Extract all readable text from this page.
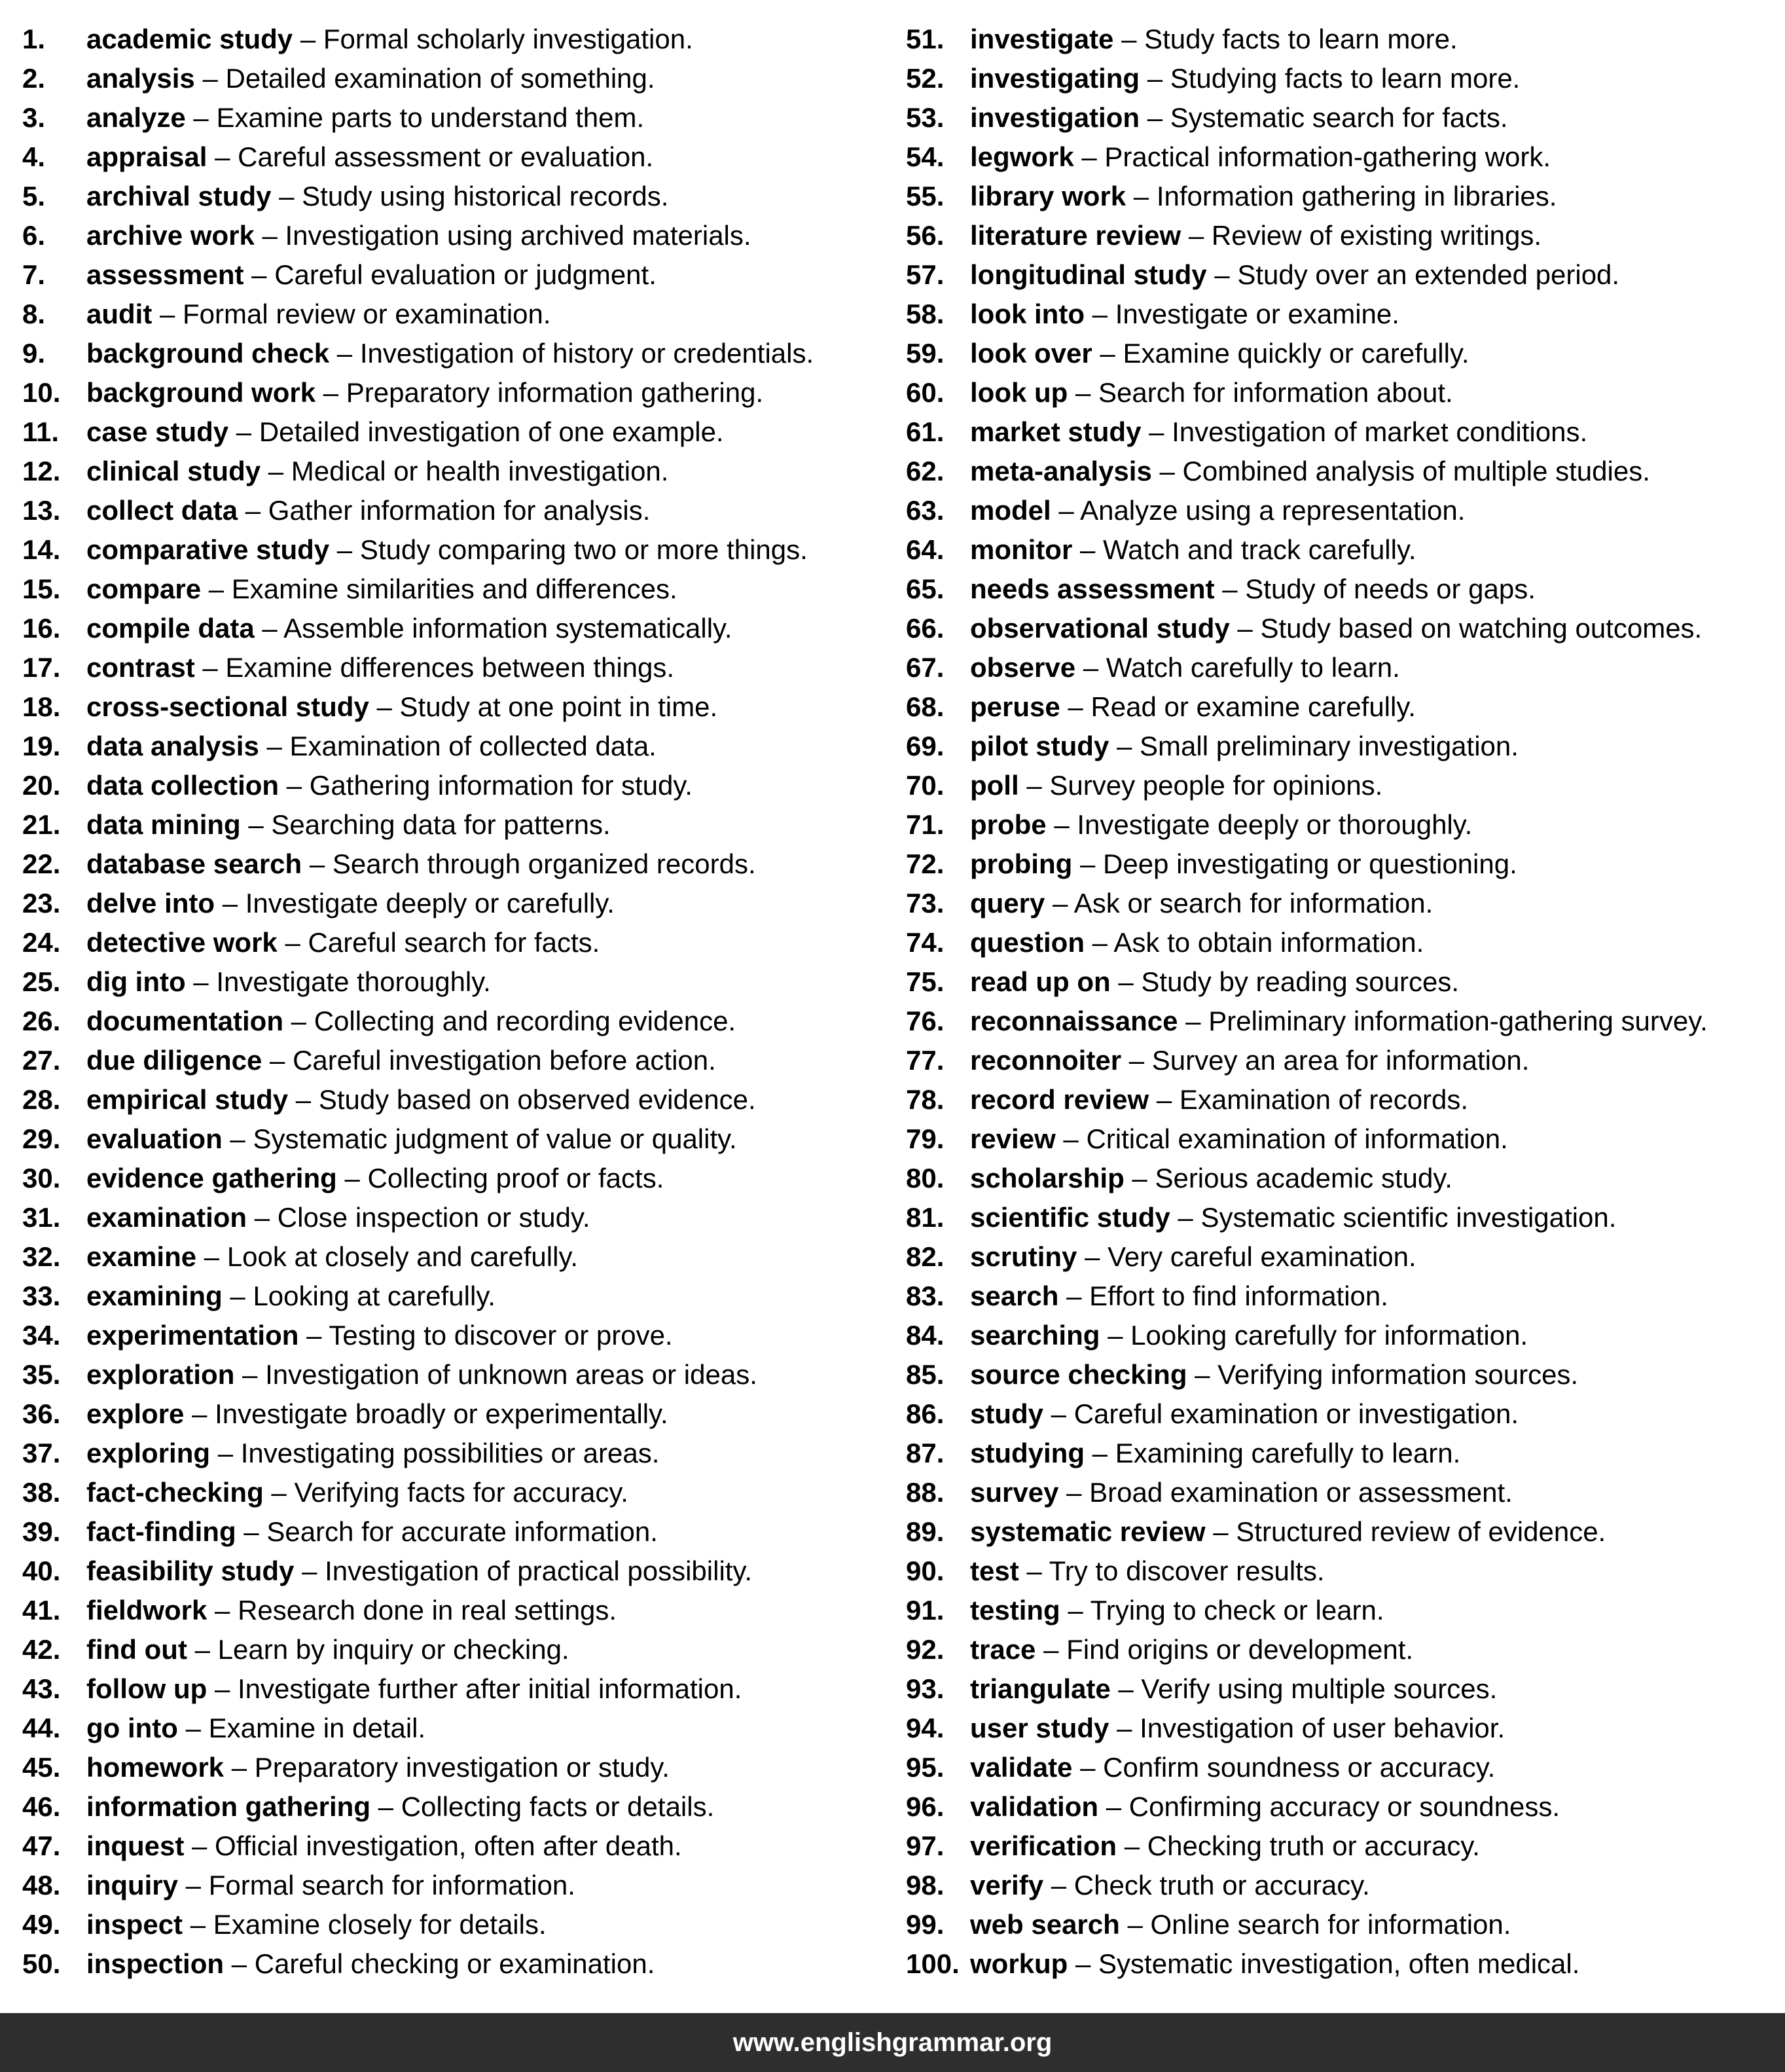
1. academic study – Formal scholarly investigation.
2. analysis – Detailed examination of something.
3. analyze – Examine parts to understand them.
4. appraisal – Careful assessment or evaluation.
5. archival study – Study using historical records.
6. archive work – Investigation using archived materials.
7. assessment – Careful evaluation or judgment.
8. audit – Formal review or examination.
9. background check – Investigation of history or credentials.
10. background work – Preparatory information gathering.
11. case study – Detailed investigation of one example.
12. clinical study – Medical or health investigation.
13. collect data – Gather information for analysis.
14. comparative study – Study comparing two or more things.
15. compare – Examine similarities and differences.
16. compile data – Assemble information systematically.
17. contrast – Examine differences between things.
18. cross-sectional study – Study at one point in time.
19. data analysis – Examination of collected data.
20. data collection – Gathering information for study.
21. data mining – Searching data for patterns.
22. database search – Search through organized records.
23. delve into – Investigate deeply or carefully.
24. detective work – Careful search for facts.
25. dig into – Investigate thoroughly.
26. documentation – Collecting and recording evidence.
27. due diligence – Careful investigation before action.
28. empirical study – Study based on observed evidence.
29. evaluation – Systematic judgment of value or quality.
30. evidence gathering – Collecting proof or facts.
31. examination – Close inspection or study.
32. examine – Look at closely and carefully.
33. examining – Looking at carefully.
34. experimentation – Testing to discover or prove.
35. exploration – Investigation of unknown areas or ideas.
36. explore – Investigate broadly or experimentally.
37. exploring – Investigating possibilities or areas.
38. fact-checking – Verifying facts for accuracy.
39. fact-finding – Search for accurate information.
40. feasibility study – Investigation of practical possibility.
41. fieldwork – Research done in real settings.
42. find out – Learn by inquiry or checking.
43. follow up – Investigate further after initial information.
44. go into – Examine in detail.
45. homework – Preparatory investigation or study.
46. information gathering – Collecting facts or details.
47. inquest – Official investigation, often after death.
48. inquiry – Formal search for information.
49. inspect – Examine closely for details.
50. inspection – Careful checking or examination.
51. investigate – Study facts to learn more.
52. investigating – Studying facts to learn more.
53. investigation – Systematic search for facts.
54. legwork – Practical information-gathering work.
55. library work – Information gathering in libraries.
56. literature review – Review of existing writings.
57. longitudinal study – Study over an extended period.
58. look into – Investigate or examine.
59. look over – Examine quickly or carefully.
60. look up – Search for information about.
61. market study – Investigation of market conditions.
62. meta-analysis – Combined analysis of multiple studies.
63. model – Analyze using a representation.
64. monitor – Watch and track carefully.
65. needs assessment – Study of needs or gaps.
66. observational study – Study based on watching outcomes.
67. observe – Watch carefully to learn.
68. peruse – Read or examine carefully.
69. pilot study – Small preliminary investigation.
70. poll – Survey people for opinions.
71. probe – Investigate deeply or thoroughly.
72. probing – Deep investigating or questioning.
73. query – Ask or search for information.
74. question – Ask to obtain information.
75. read up on – Study by reading sources.
76. reconnaissance – Preliminary information-gathering survey.
77. reconnoiter – Survey an area for information.
78. record review – Examination of records.
79. review – Critical examination of information.
80. scholarship – Serious academic study.
81. scientific study – Systematic scientific investigation.
82. scrutiny – Very careful examination.
83. search – Effort to find information.
84. searching – Looking carefully for information.
85. source checking – Verifying information sources.
86. study – Careful examination or investigation.
87. studying – Examining carefully to learn.
88. survey – Broad examination or assessment.
89. systematic review – Structured review of evidence.
90. test – Try to discover results.
91. testing – Trying to check or learn.
92. trace – Find origins or development.
93. triangulate – Verify using multiple sources.
94. user study – Investigation of user behavior.
95. validate – Confirm soundness or accuracy.
96. validation – Confirming accuracy or soundness.
97. verification – Checking truth or accuracy.
98. verify – Check truth or accuracy.
99. web search – Online search for information.
100. workup – Systematic investigation, often medical.
www.englishgrammar.org
